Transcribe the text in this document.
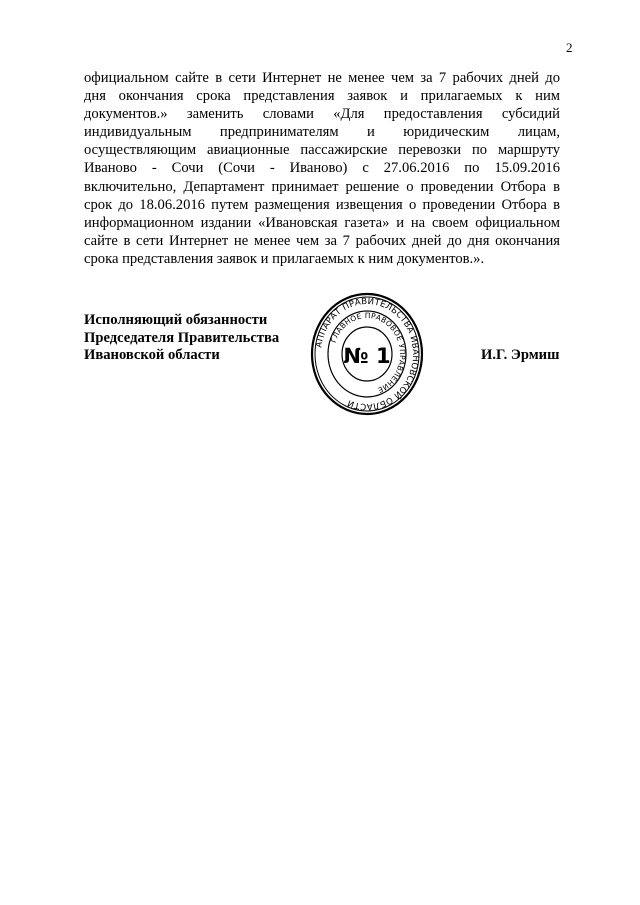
2
официальном сайте в сети Интернет не менее чем за 7 рабочих дней до
дня окончания срока представления заявок и прилагаемых к ним
документов.» заменить словами «Для предоставления субсидий
индивидуальным предпринимателям и юридическим лицам,
осуществляющим авиационные пассажирские перевозки по маршруту
Иваново - Сочи (Сочи - Иваново) с 27.06.2016 по 15.09.2016
включительно, Департамент принимает решение о проведении Отбора в
срок до 18.06.2016 путем размещения извещения о проведении Отбора в
информационном издании «Ивановская газета» и на своем официальном
сайте в сети Интернет не менее чем за 7 рабочих дней до дня окончания
срока представления заявок и прилагаемых к ним документов.».
Исполняющий обязанности
Председателя Правительства
Ивановской области	И.Г. Эрмиш
АППАРАТ ПРАВИТЕЛЬСТВА ИВАНОВСКОЙ ОБЛАСТИ
ГЛАВНОЕ ПРАВОВОЕ УПРАВЛЕНИЕ
№ 1
